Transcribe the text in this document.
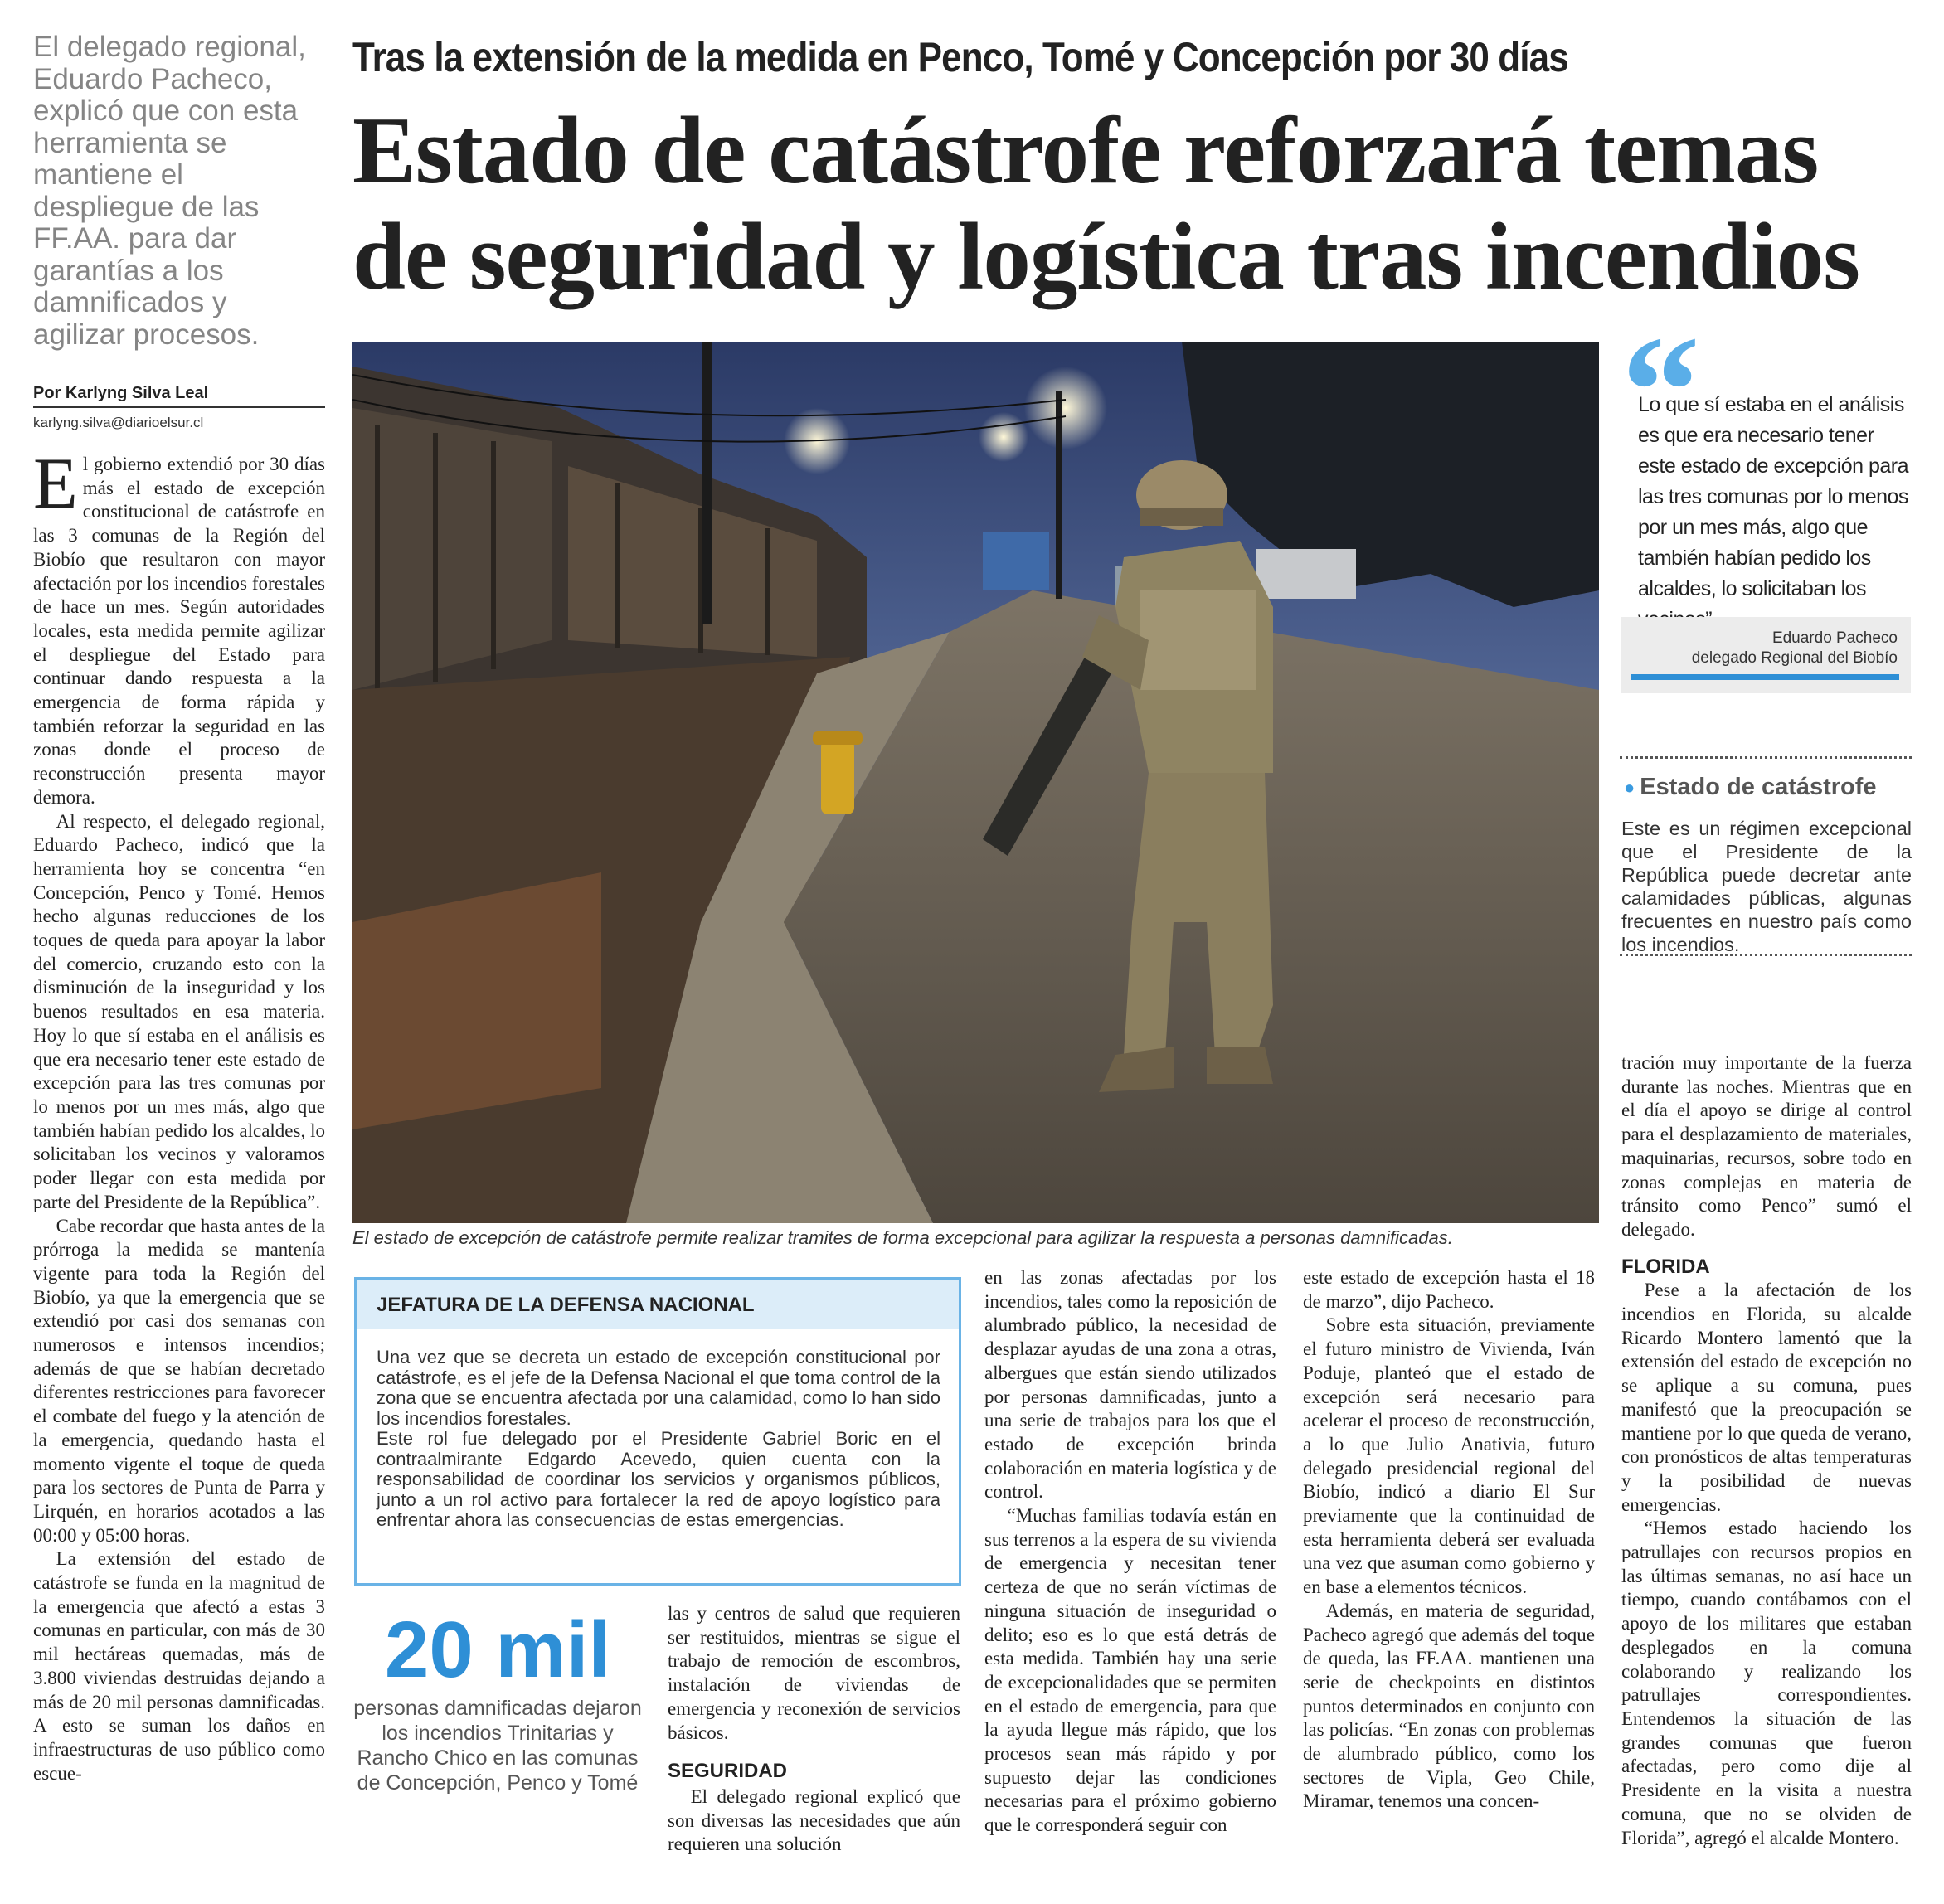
El delegado regional, Eduardo Pacheco, explicó que con esta herramienta se mantiene el despliegue de las FF.AA. para dar garantías a los damnificados y agilizar procesos.
Tras la extensión de la medida en Penco, Tomé y Concepción por 30 días
Estado de catástrofe reforzará temas
de seguridad y logística tras incendios
Por Karlyng Silva Leal
karlyng.silva@diarioelsur.cl

El gobierno extendió por 30 días más el estado de excepción constitucional de catástrofe en las 3 comunas de la Región del Biobío que resultaron con mayor afectación por los incendios forestales de hace un mes. Según autoridades locales, esta medida permite agilizar el despliegue del Estado para continuar dando respuesta a la emergencia de forma rápida y también reforzar la seguridad en las zonas donde el proceso de reconstrucción presenta mayor demora.

Al respecto, el delegado regional, Eduardo Pacheco, indicó que la herramienta hoy se concentra “en Concepción, Penco y Tomé. Hemos hecho algunas reducciones de los toques de queda para apoyar la labor del comercio, cruzando esto con la disminución de la inseguridad y los buenos resultados en esa materia. Hoy lo que sí estaba en el análisis es que era necesario tener este estado de excepción para las tres comunas por lo menos por un mes más, algo que también habían pedido los alcaldes, lo solicitaban los vecinos y valoramos poder llegar con esta medida por parte del Presidente de la República”.

Cabe recordar que hasta antes de la prórroga la medida se mantenía vigente para toda la Región del Biobío, ya que la emergencia que se extendió por casi dos semanas con numerosos e intensos incendios; además de que se habían decretado diferentes restricciones para favorecer el combate del fuego y la atención de la emergencia, quedando hasta el momento vigente el toque de queda para los sectores de Punta de Parra y Lirquén, en horarios acotados a las 00:00 y 05:00 horas.

La extensión del estado de catástrofe se funda en la magnitud de la emergencia que afectó a estas 3 comunas en particular, con más de 30 mil hectáreas quemadas, más de 3.800 viviendas destruidas dejando a más de 20 mil personas damnificadas. A esto se suman los daños en infraestructuras de uso público como escue-

El estado de excepción de catástrofe permite realizar tramites de forma excepcional para agilizar la respuesta a personas damnificadas.
JEFATURA DE LA DEFENSA NACIONAL

Una vez que se decreta un estado de excepción constitucional por catástrofe, es el jefe de la Defensa Nacional el que toma control de la zona que se encuentra afectada por una calamidad, como lo han sido los incendios forestales.

Este rol fue delegado por el Presidente Gabriel Boric en el contraalmirante Edgardo Acevedo, quien cuenta con la responsabilidad de coordinar los servicios y organismos públicos, junto a un rol activo para fortalecer la red de apoyo logístico para enfrentar ahora las consecuencias de estas emergencias.

20 mil
personas damnificadas dejaron los incendios Trinitarias y Rancho Chico en las comunas de Concepción, Penco y Tomé

las y centros de salud que requieren ser restituidos, mientras se sigue el trabajo de remoción de escombros, instalación de viviendas de emergencia y reconexión de servicios básicos.

SEGURIDAD

El delegado regional explicó que son diversas las necesidades que aún requieren una solución

en las zonas afectadas por los incendios, tales como la reposición de alumbrado público, la necesidad de desplazar ayudas de una zona a otras, albergues que están siendo utilizados por personas damnificadas, junto a una serie de trabajos para los que el estado de excepción brinda colaboración en materia logística y de control.

“Muchas familias todavía están en sus terrenos a la espera de su vivienda de emergencia y necesitan tener certeza de que no serán víctimas de ninguna situación de inseguridad o delito; eso es lo que está detrás de esta medida. También hay una serie de excepcionalidades que se permiten en el estado de emergencia, para que la ayuda llegue más rápido, que los procesos sean más rápido y por supuesto dejar las condiciones necesarias para el próximo gobierno que le corresponderá seguir con

este estado de excepción hasta el 18 de marzo”, dijo Pacheco.

Sobre esta situación, previamente el futuro ministro de Vivienda, Iván Poduje, planteó que el estado de excepción será necesario para acelerar el proceso de reconstrucción, a lo que Julio Anativia, futuro delegado presidencial regional del Biobío, indicó a diario El Sur previamente que la continuidad de esta herramienta deberá ser evaluada una vez que asuman como gobierno y en base a elementos técnicos.

Además, en materia de seguridad, Pacheco agregó que además del toque de queda, las FF.AA. mantienen una serie de checkpoints en distintos puntos determinados en conjunto con las policías. “En zonas con problemas de alumbrado público, como los sectores de Vipla, Geo Chile, Miramar, tenemos una concen-

“
Lo que sí estaba en el análisis es que era necesario tener este estado de excepción para las tres comunas por lo menos por un mes más, algo que también habían pedido los alcaldes, lo solicitaban los
Eduardo Pacheco
delegado Regional del Biobío
● Estado de catástrofe
Este es un régimen excepcional que el Presidente de la República puede decretar ante calamidades públicas, algunas frecuentes en nuestro país como los incendios.

tración muy importante de la fuerza durante las noches. Mientras que en el día el apoyo se dirige al control para el desplazamiento de materiales, maquinarias, recursos, sobre todo en zonas complejas en materia de tránsito como Penco” sumó el delegado.

FLORIDA

Pese a la afectación de los incendios en Florida, su alcalde Ricardo Montero lamentó que la extensión del estado de excepción no se aplique a su comuna, pues manifestó que la preocupación se mantiene por lo que queda de verano, con pronósticos de altas temperaturas y la posibilidad de nuevas emergencias.

“Hemos estado haciendo los patrullajes con recursos propios en las últimas semanas, no así hace un tiempo, cuando contábamos con el apoyo de los militares que estaban desplegados en la comuna colaborando y realizando los patrullajes correspondientes. Entendemos la situación de las grandes comunas que fueron afectadas, pero como dije al Presidente en la visita a nuestra comuna, que no se olviden de Florida”, agregó el alcalde Montero.
